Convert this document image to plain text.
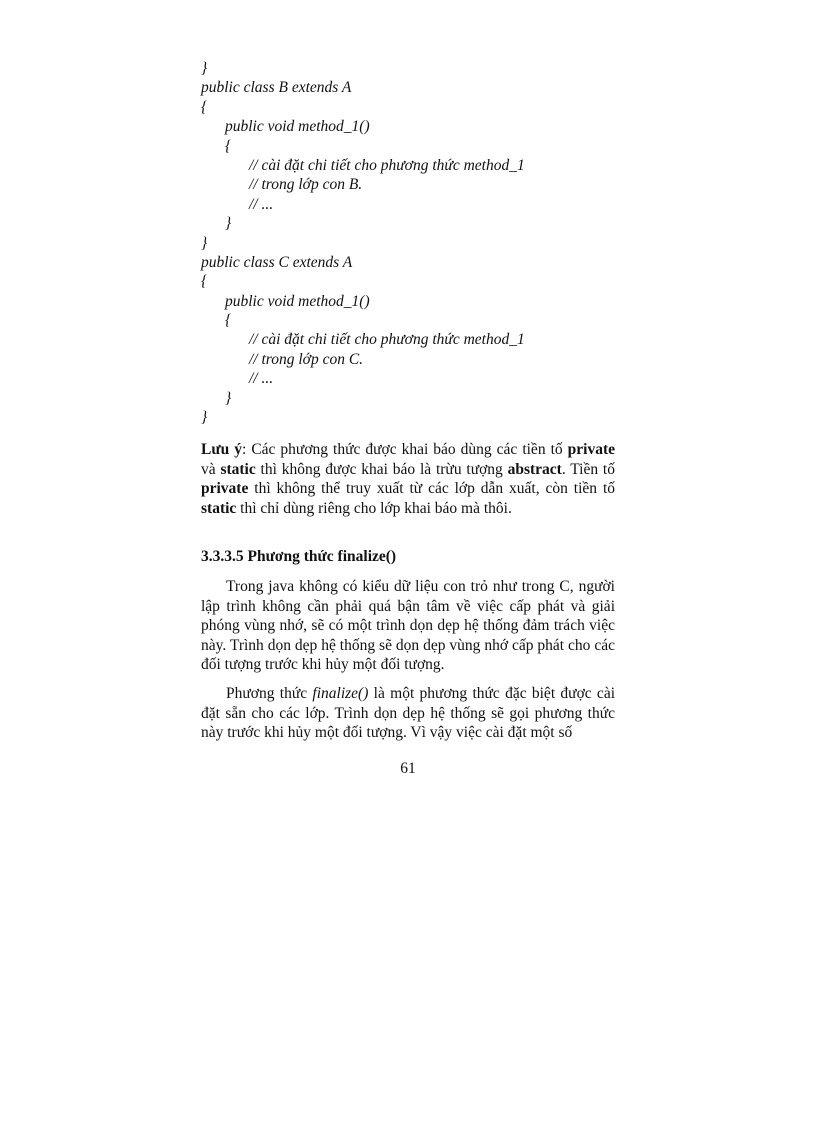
}
public class B extends A
{
public void method_1()
{
// cài đặt chi tiết cho phương thức method_1
// trong lớp con B.
// ...
}
}
public class C extends A
{
public void method_1()
{
// cài đặt chi tiết cho phương thức method_1
// trong lớp con C.
// ...
}
}

Lưu ý: Các phương thức được khai báo dùng các tiền tố private và static thì không được khai báo là trừu tượng abstract. Tiền tố private thì không thể truy xuất từ các lớp dẫn xuất, còn tiền tố static thì chỉ dùng riêng cho lớp khai báo mà thôi.

3.3.3.5 Phương thức finalize()

Trong java không có kiểu dữ liệu con trỏ như trong C, người lập trình không cần phải quá bận tâm về việc cấp phát và giải phóng vùng nhớ, sẽ có một trình dọn dẹp hệ thống đảm trách việc này. Trình dọn dẹp hệ thống sẽ dọn dẹp vùng nhớ cấp phát cho các đối tượng trước khi hủy một đối tượng.

Phương thức finalize() là một phương thức đặc biệt được cài đặt sẵn cho các lớp. Trình dọn dẹp hệ thống sẽ gọi phương thức này trước khi hủy một đối tượng. Vì vậy việc cài đặt một số

61
